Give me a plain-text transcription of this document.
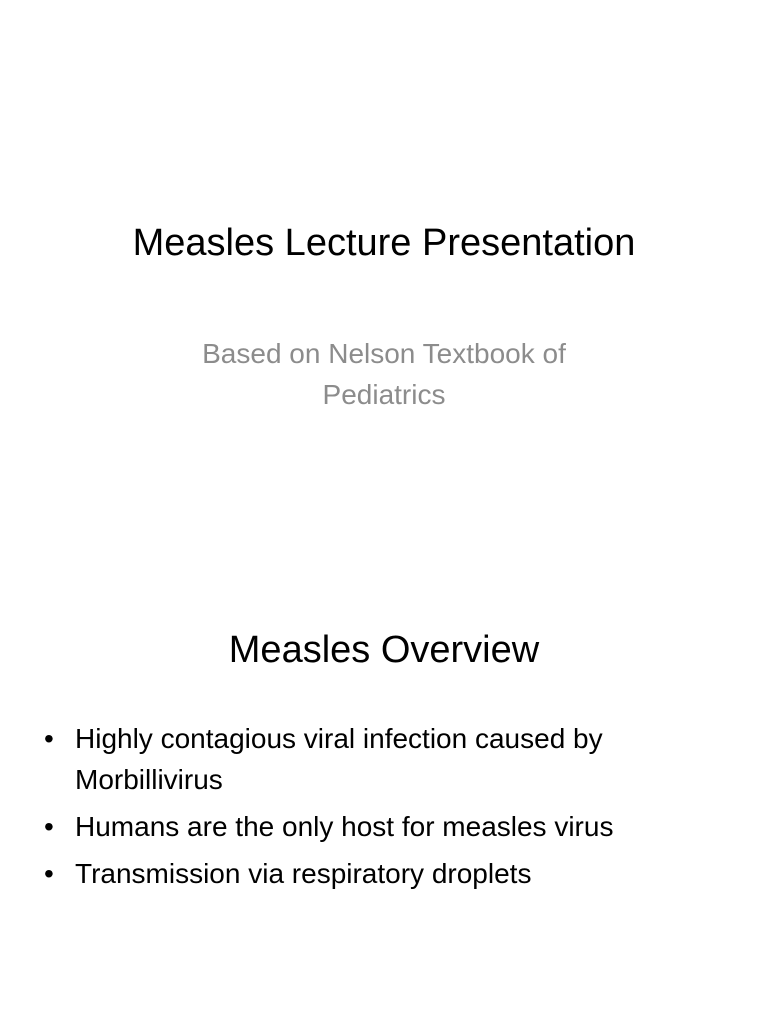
Measles Lecture Presentation

Based on Nelson Textbook of Pediatrics

Measles Overview
• Highly contagious viral infection caused by Morbillivirus
• Humans are the only host for measles virus
• Transmission via respiratory droplets
